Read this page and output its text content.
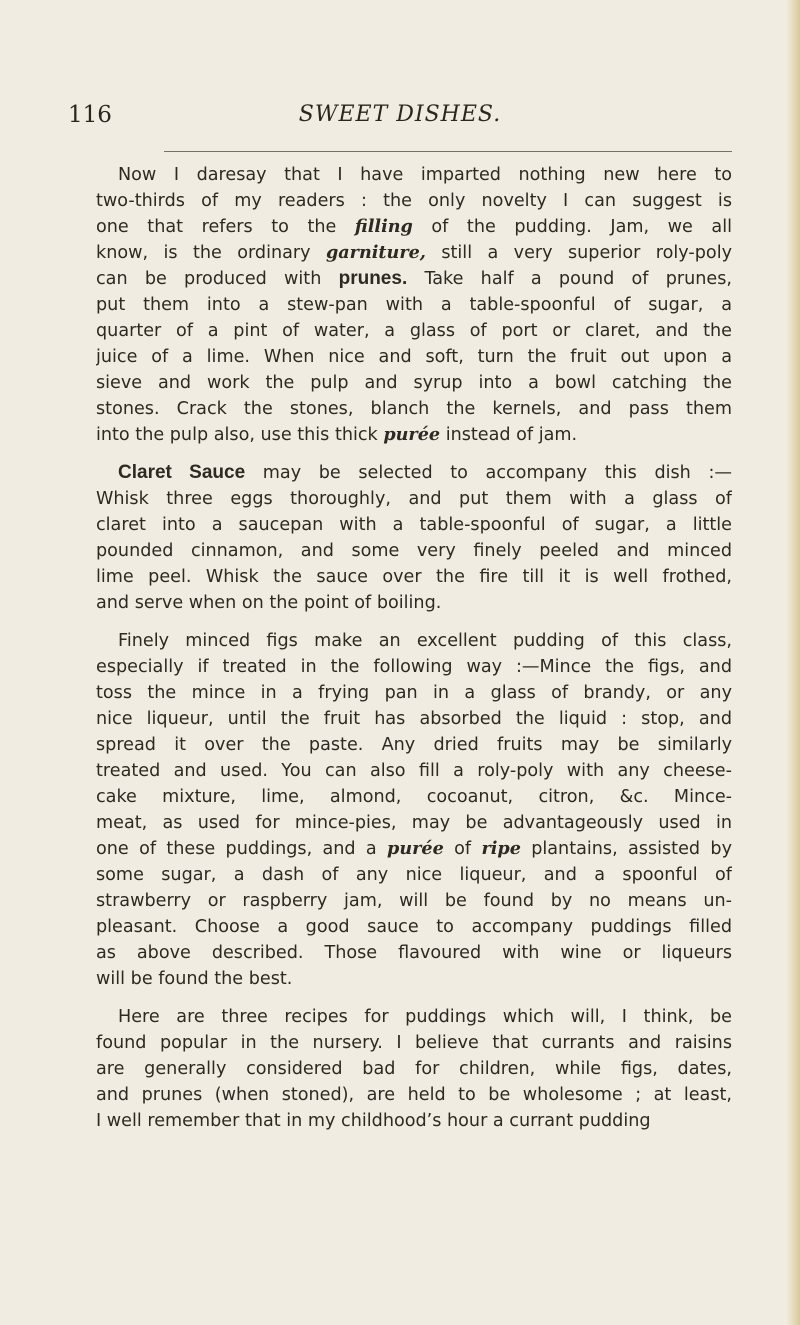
116	SWEET DISHES.
Now I daresay that I have imparted nothing new here to
two-thirds of my readers : the only novelty I can suggest is
one that refers to the filling of the pudding. Jam, we all
know, is the ordinary garniture, still a very superior roly-poly
can be produced with prunes. Take half a pound of prunes,
put them into a stew-pan with a table-spoonful of sugar, a
quarter of a pint of water, a glass of port or claret, and the
juice of a lime. When nice and soft, turn the fruit out upon a
sieve and work the pulp and syrup into a bowl catching the
stones. Crack the stones, blanch the kernels, and pass them
into the pulp also, use this thick purée instead of jam.
Claret Sauce may be selected to accompany this dish :—
Whisk three eggs thoroughly, and put them with a glass of
claret into a saucepan with a table-spoonful of sugar, a little
pounded cinnamon, and some very finely peeled and minced
lime peel. Whisk the sauce over the fire till it is well frothed,
and serve when on the point of boiling.
Finely minced figs make an excellent pudding of this class,
especially if treated in the following way :—Mince the figs, and
toss the mince in a frying pan in a glass of brandy, or any
nice liqueur, until the fruit has absorbed the liquid : stop, and
spread it over the paste. Any dried fruits may be similarly
treated and used. You can also fill a roly-poly with any cheese-
cake mixture, lime, almond, cocoanut, citron, &c. Mince-
meat, as used for mince-pies, may be advantageously used in
one of these puddings, and a purée of ripe plantains, assisted by
some sugar, a dash of any nice liqueur, and a spoonful of
strawberry or raspberry jam, will be found by no means un-
pleasant. Choose a good sauce to accompany puddings filled
as above described. Those flavoured with wine or liqueurs
will be found the best.
Here are three recipes for puddings which will, I think, be
found popular in the nursery. I believe that currants and raisins
are generally considered bad for children, while figs, dates,
and prunes (when stoned), are held to be wholesome ; at least,
I well remember that in my childhood’s hour a currant pudding
